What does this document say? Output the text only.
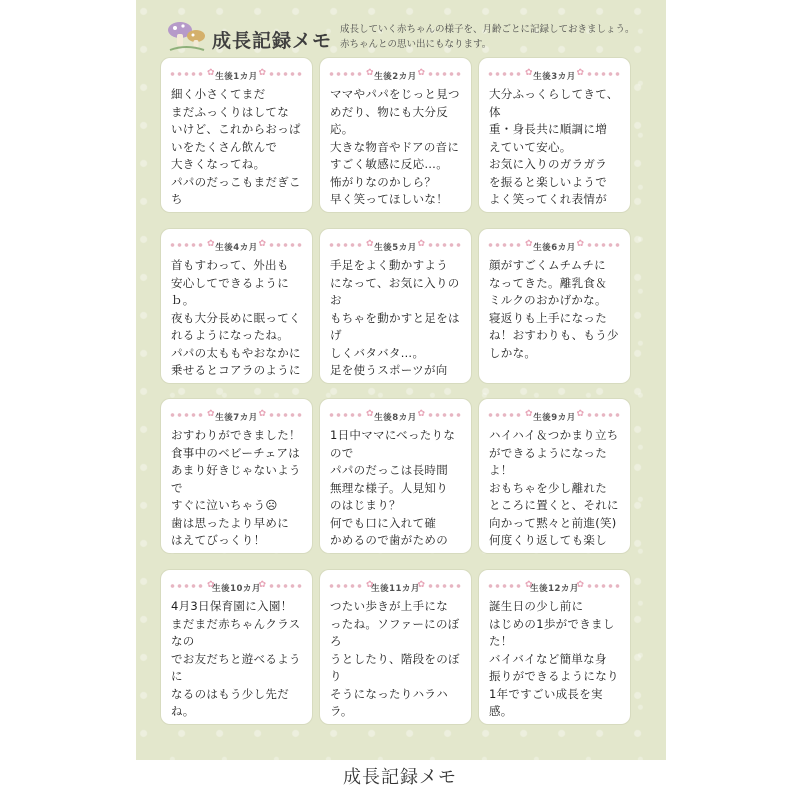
成長記録メモ
成長していく赤ちゃんの様子を、月齢ごとに記録しておきましょう。
赤ちゃんとの思い出にもなります。
✿ 生後1カ月 ✿
細く小さくてまだ
まだふっくりはしてな
いけど、これからおっぱ
いをたくさん飲んで
大きくなってね。
パパのだっこもまだぎこち

✿ 生後2カ月 ✿
ママやパパをじっと見つ
めだり、物にも大分反応。
大きな物音やドアの音に
すごく敏感に反応…。
怖がりなのかしら？
早く笑ってほしいな！
✿ 生後3カ月 ✿
大分ふっくらしてきて、体
重・身長共に順調に増
えていて安心。
お気に入りのガラガラ
を振ると楽しいようで
よく笑ってくれ表情が

✿ 生後4カ月 ✿
首もすわって、外出も
安心してできるようにｂ。
夜も大分長めに眠ってく
れるようになったね。
パパの太ももやおなかに
乗せるとコアラのように

✿ 生後5カ月 ✿
手足をよく動かすよう
になって、お気に入りのお
もちゃを動かすと足をはげ
しくバタバタ…。
足を使うスポーツが向

✿ 生後6カ月 ✿
顔がすごくムチムチに
なってきた。離乳食＆
ミルクのおかげかな。
寝返りも上手になった
ね！おすわりも、もう少
しかな。
✿ 生後7カ月 ✿
おすわりができました！
食事中のベビーチェアは
あまり好きじゃないようで
すぐに泣いちゃう☹
歯は思ったより早めに
はえてびっくり！
✿ 生後8カ月 ✿
1日中ママにべったりなので
パパのだっこは長時間
無理な様子。人見知り
のはじまり？
何でも口に入れて確
かめるので歯がための

✿ 生後9カ月 ✿
ハイハイ＆つかまり立ち
ができるようになったよ！
おもちゃを少し離れた
ところに置くと、それに
向かって黙々と前進(笑)
何度くり返しても楽し

✿
生後10カ月
✿
4月3日保育園に入園！
まだまだ赤ちゃんクラスなの
でお友だちと遊べるように
なるのはもう少し先だね。

✿
生後11カ月
✿
つたい歩きが上手にな
ったね。ソファーにのぼろ
うとしたり、階段をのぼり
そうになったりハラハラ。

✿
生後12カ月
✿
誕生日の少し前に
はじめの1歩ができました！
バイバイなど簡単な身
振りができるようになり
1年ですごい成長を実感。

成長記録メモ
